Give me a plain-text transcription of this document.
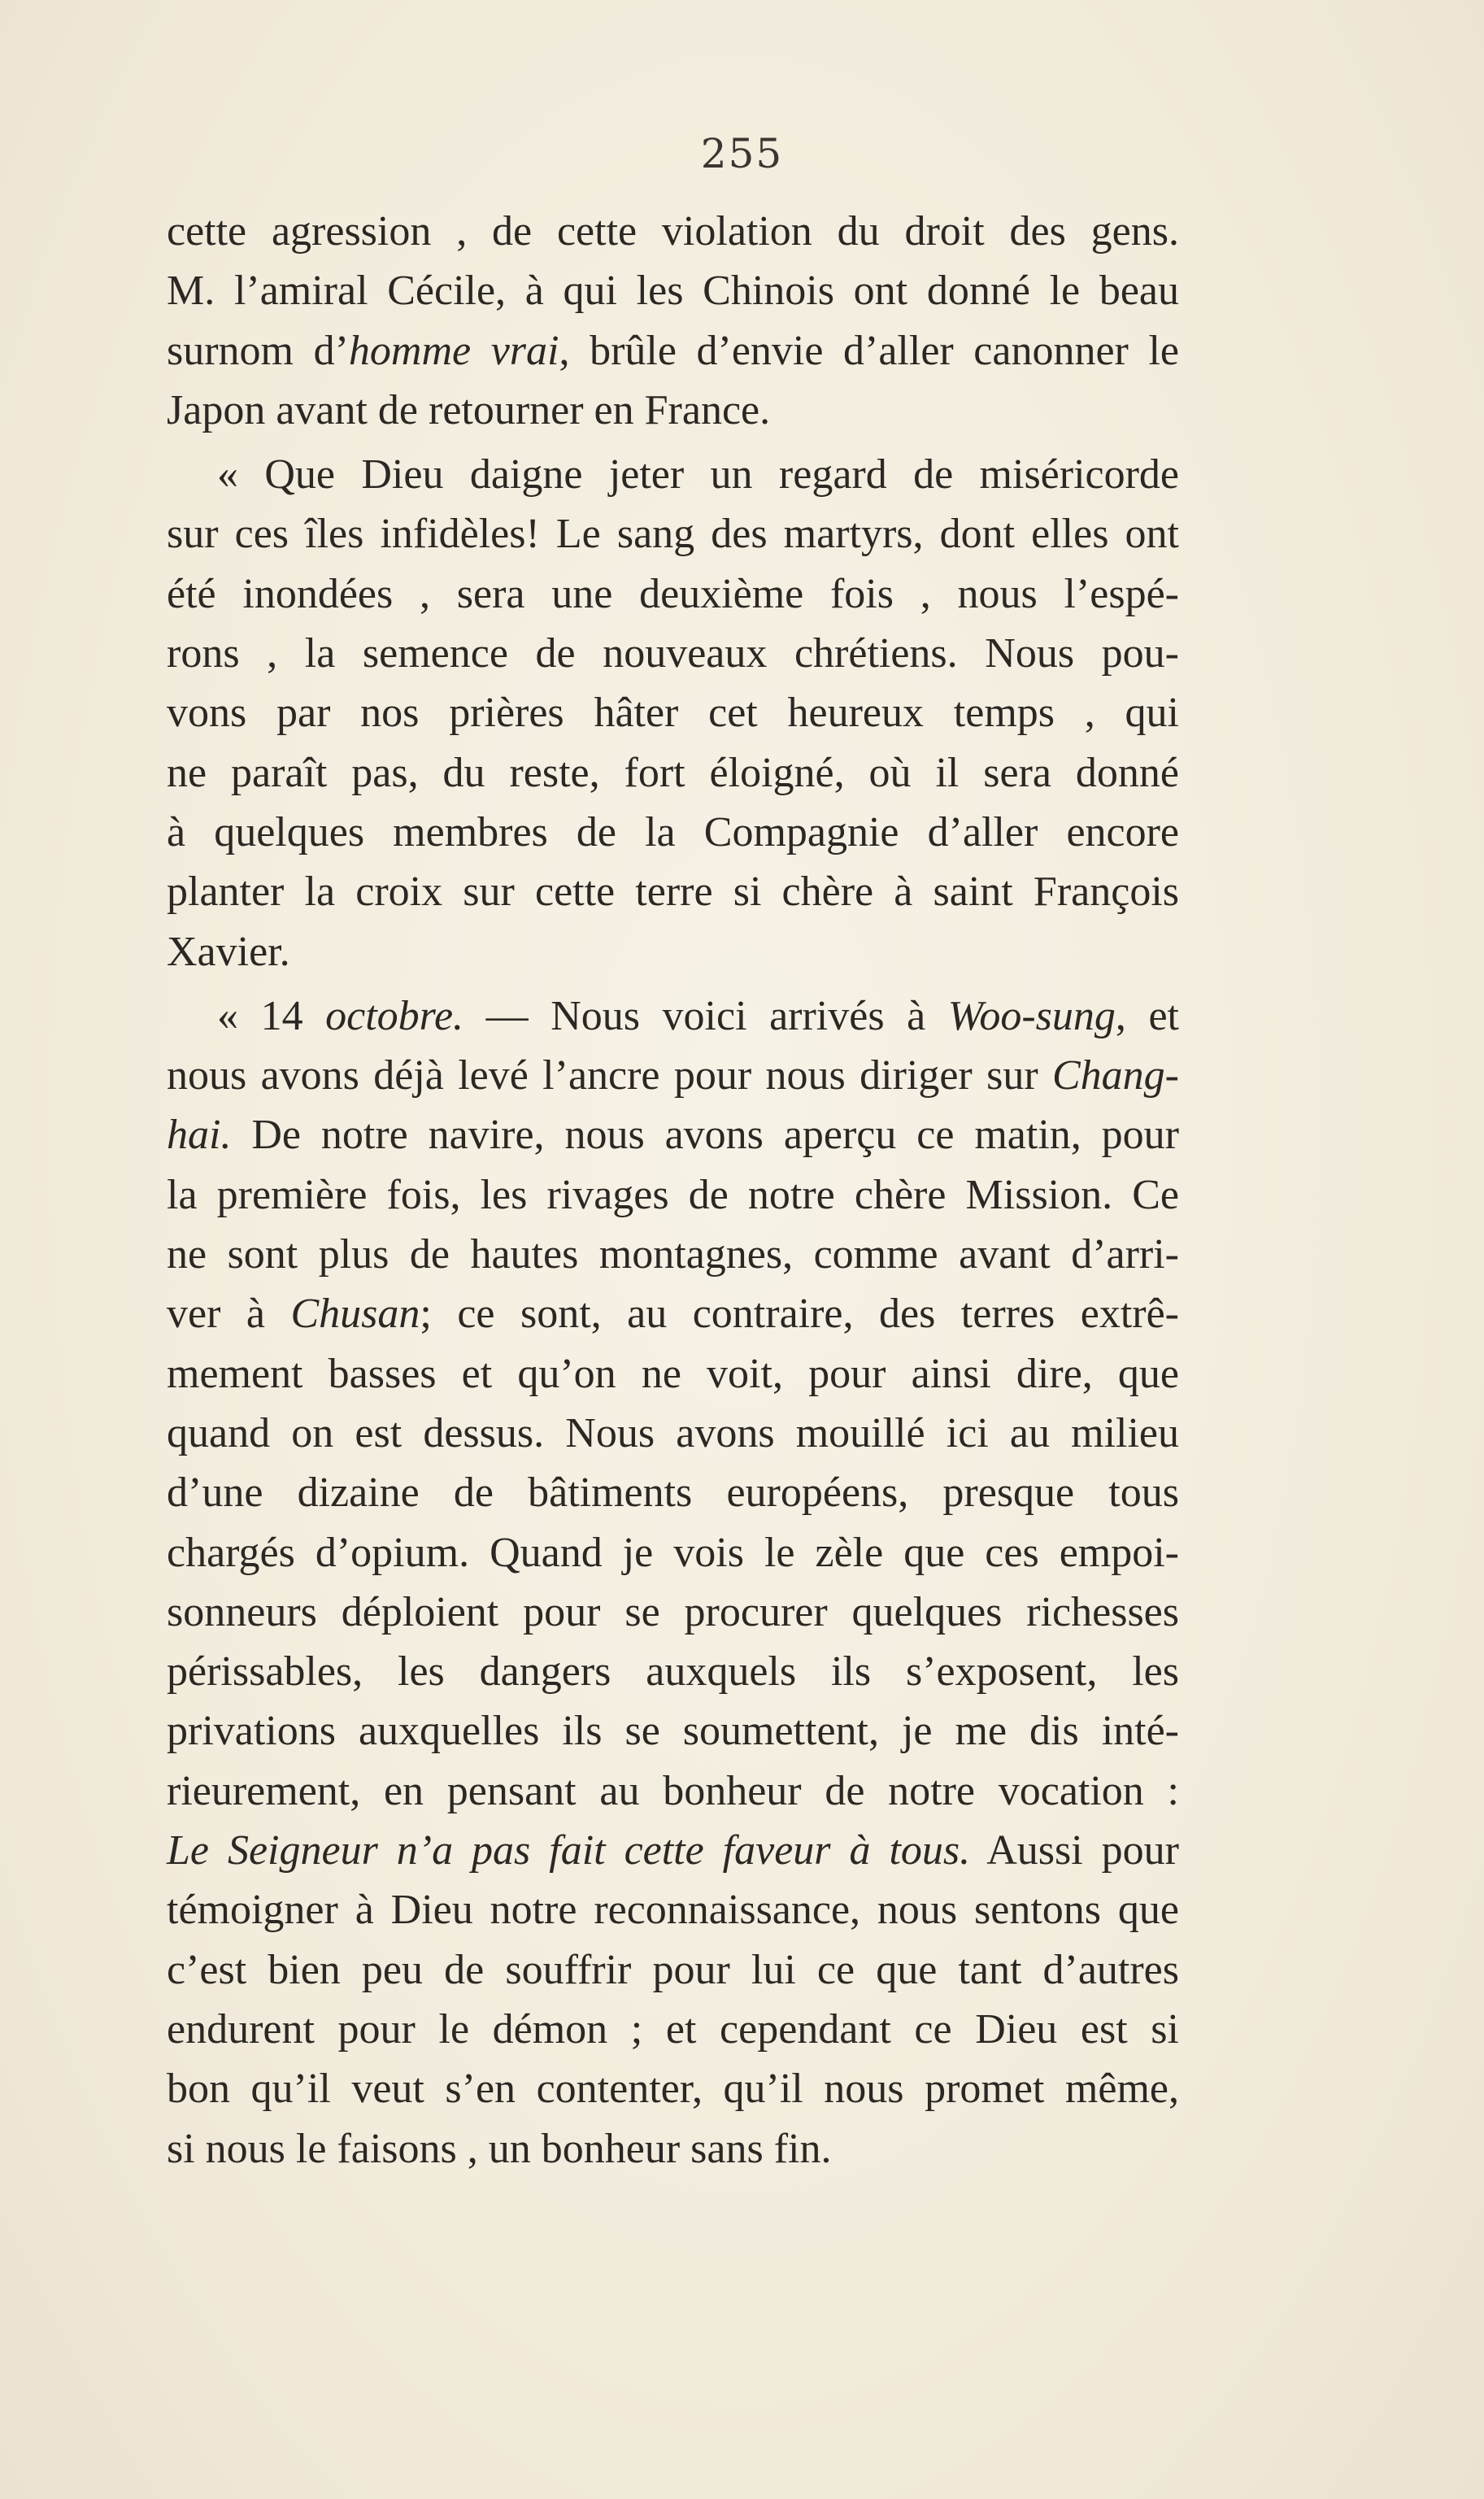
255
cette agression , de cette violation du droit des gens.
M. l’amiral Cécile, à qui les Chinois ont donné le beau
surnom d’homme vrai, brûle d’envie d’aller canonner le
Japon avant de retourner en France.
« Que Dieu daigne jeter un regard de miséricorde
sur ces îles infidèles! Le sang des martyrs, dont elles ont
été inondées , sera une deuxième fois , nous l’espé-
rons , la semence de nouveaux chrétiens. Nous pou-
vons par nos prières hâter cet heureux temps , qui
ne paraît pas, du reste, fort éloigné, où il sera donné
à quelques membres de la Compagnie d’aller encore
planter la croix sur cette terre si chère à saint François
Xavier.
« 14 octobre. — Nous voici arrivés à Woo-sung, et
nous avons déjà levé l’ancre pour nous diriger sur Chang-
hai. De notre navire, nous avons aperçu ce matin, pour
la première fois, les rivages de notre chère Mission. Ce
ne sont plus de hautes montagnes, comme avant d’arri-
ver à Chusan; ce sont, au contraire, des terres extrê-
mement basses et qu’on ne voit, pour ainsi dire, que
quand on est dessus. Nous avons mouillé ici au milieu
d’une dizaine de bâtiments européens, presque tous
chargés d’opium. Quand je vois le zèle que ces empoi-
sonneurs déploient pour se procurer quelques richesses
périssables, les dangers auxquels ils s’exposent, les
privations auxquelles ils se soumettent, je me dis inté-
rieurement, en pensant au bonheur de notre vocation :
Le Seigneur n’a pas fait cette faveur à tous. Aussi pour
témoigner à Dieu notre reconnaissance, nous sentons que
c’est bien peu de souffrir pour lui ce que tant d’autres
endurent pour le démon ; et cependant ce Dieu est si
bon qu’il veut s’en contenter, qu’il nous promet même,
si nous le faisons , un bonheur sans fin.
